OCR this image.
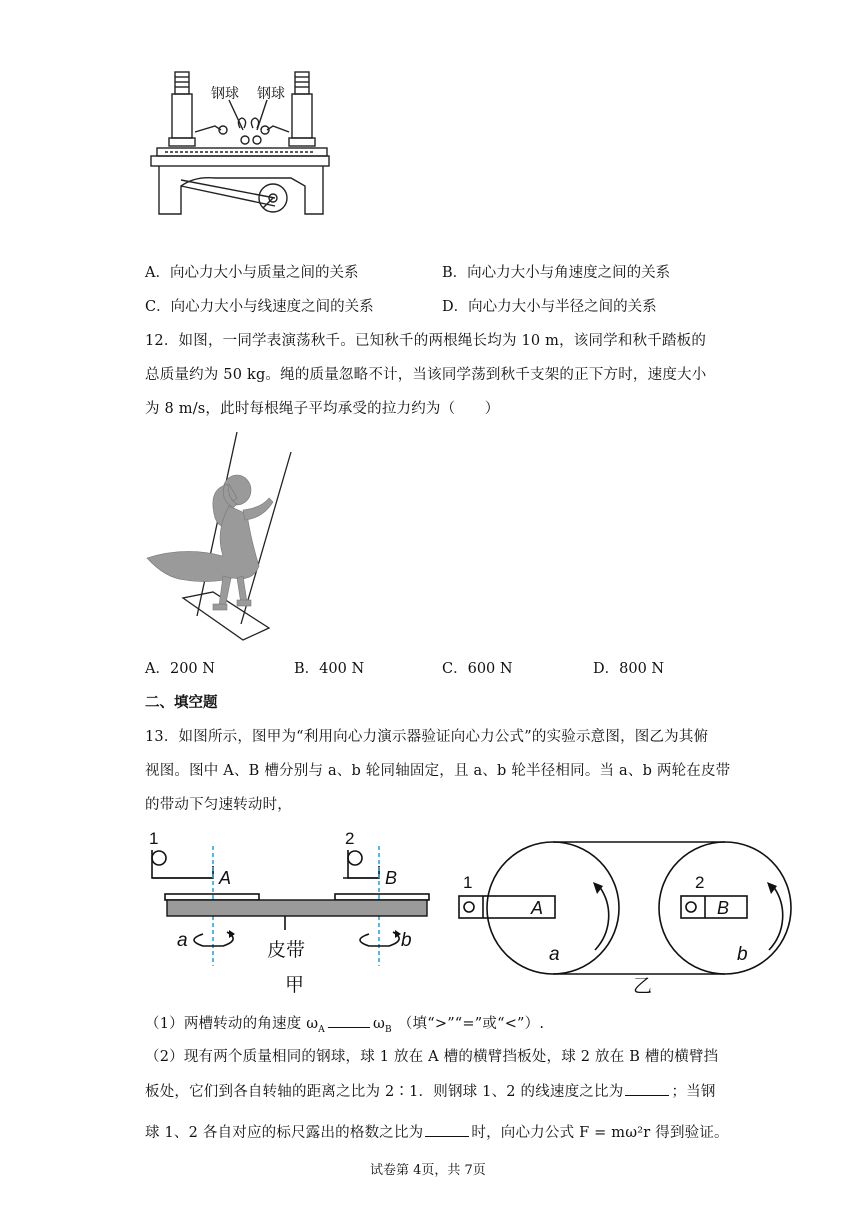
钢球 钢球
A．向心力大小与质量之间的关系	B．向心力大小与角速度之间的关系
C．向心力大小与线速度之间的关系	D．向心力大小与半径之间的关系
12．如图，一同学表演荡秋千。已知秋千的两根绳长均为 10 m，该同学和秋千踏板的
总质量约为 50 kg。绳的质量忽略不计，当该同学荡到秋千支架的正下方时，速度大小
为 8 m/s，此时每根绳子平均承受的拉力约为（　　）
A．200 N	B．400 N	C．600 N	D．800 N
二、填空题
13．如图所示，图甲为“利用向心力演示器验证向心力公式”的实验示意图，图乙为其俯
视图。图中 A、B 槽分别与 a、b 轮同轴固定，且 a、b 轮半径相同。当 a、b 两轮在皮带
的带动下匀速转动时，
1
A
2
B
a	b
皮带
甲
1
A
2
B
a	b
乙
（1）两槽转动的角速度 $\omega_A$	$\omega_B$ （填“>”“=”或“<”）.
（2）现有两个质量相同的钢球，球 1 放在 A 槽的横臂挡板处，球 2 放在 B 槽的横臂挡
板处，它们到各自转轴的距离之比为 2∶1．则钢球 1、2 的线速度之比为	；当钢
球 1、2 各自对应的标尺露出的格数之比为	时，向心力公式 F = mω²r 得到验证。
试卷第 4页，共 7页
